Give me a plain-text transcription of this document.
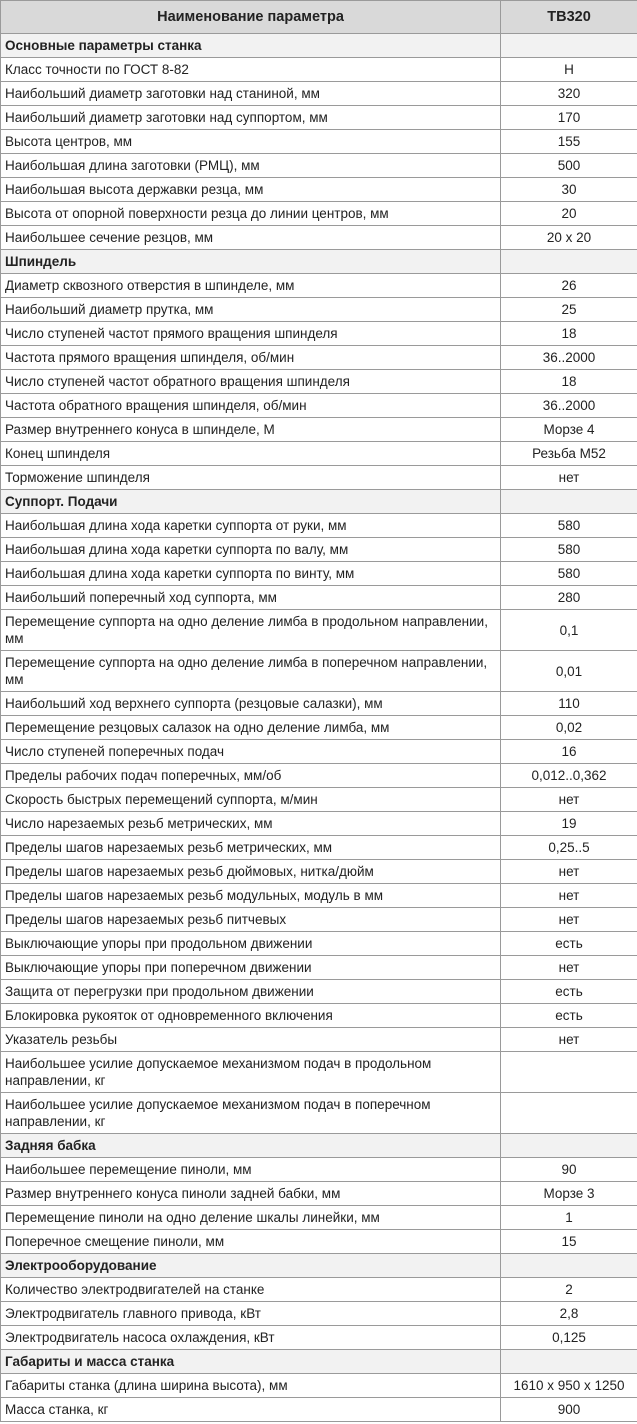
Наименование параметра	ТВ320
Основные параметры станка	
Класс точности по ГОСТ 8-82	Н
Наибольший диаметр заготовки над станиной, мм	320
Наибольший диаметр заготовки над суппортом, мм	170
Высота центров, мм	155
Наибольшая длина заготовки (РМЦ), мм	500
Наибольшая высота державки резца, мм	30
Высота от опорной поверхности резца до линии центров, мм	20
Наибольшее сечение резцов, мм	20 x 20
Шпиндель	
Диаметр сквозного отверстия в шпинделе, мм	26
Наибольший диаметр прутка, мм	25
Число ступеней частот прямого вращения шпинделя	18
Частота прямого вращения шпинделя, об/мин	36..2000
Число ступеней частот обратного вращения шпинделя	18
Частота обратного вращения шпинделя, об/мин	36..2000
Размер внутреннего конуса в шпинделе, М	Морзе 4
Конец шпинделя	Резьба М52
Торможение шпинделя	нет
Суппорт. Подачи	
Наибольшая длина хода каретки суппорта от руки, мм	580
Наибольшая длина хода каретки суппорта по валу, мм	580
Наибольшая длина хода каретки суппорта по винту, мм	580
Наибольший поперечный ход суппорта, мм	280
Перемещение суппорта на одно деление лимба в продольном направлении, мм	0,1
Перемещение суппорта на одно деление лимба в поперечном направлении, мм	0,01
Наибольший ход верхнего суппорта (резцовые салазки), мм	110
Перемещение резцовых салазок на одно деление лимба, мм	0,02
Число ступеней поперечных подач	16
Пределы рабочих подач поперечных, мм/об	0,012..0,362
Скорость быстрых перемещений суппорта, м/мин	нет
Число нарезаемых резьб метрических, мм	19
Пределы шагов нарезаемых резьб метрических, мм	0,25..5
Пределы шагов нарезаемых резьб дюймовых, нитка/дюйм	нет
Пределы шагов нарезаемых резьб модульных, модуль в мм	нет
Пределы шагов нарезаемых резьб питчевых	нет
Выключающие упоры при продольном движении	есть
Выключающие упоры при поперечном движении	нет
Защита от перегрузки при продольном движении	есть
Блокировка рукояток от одновременного включения	есть
Указатель резьбы	нет
Наибольшее усилие допускаемое механизмом подач в продольном направлении, кг	
Наибольшее усилие допускаемое механизмом подач в поперечном направлении, кг	
Задняя бабка	
Наибольшее перемещение пиноли, мм	90
Размер внутреннего конуса пиноли задней бабки, мм	Морзе 3
Перемещение пиноли на одно деление шкалы линейки, мм	1
Поперечное смещение пиноли, мм	15
Электрооборудование	
Количество электродвигателей на станке	2
Электродвигатель главного привода, кВт	2,8
Электродвигатель насоса охлаждения, кВт	0,125
Габариты и масса станка	
Габариты станка (длина ширина высота), мм	1610 x 950 x 1250
Масса станка, кг	900
